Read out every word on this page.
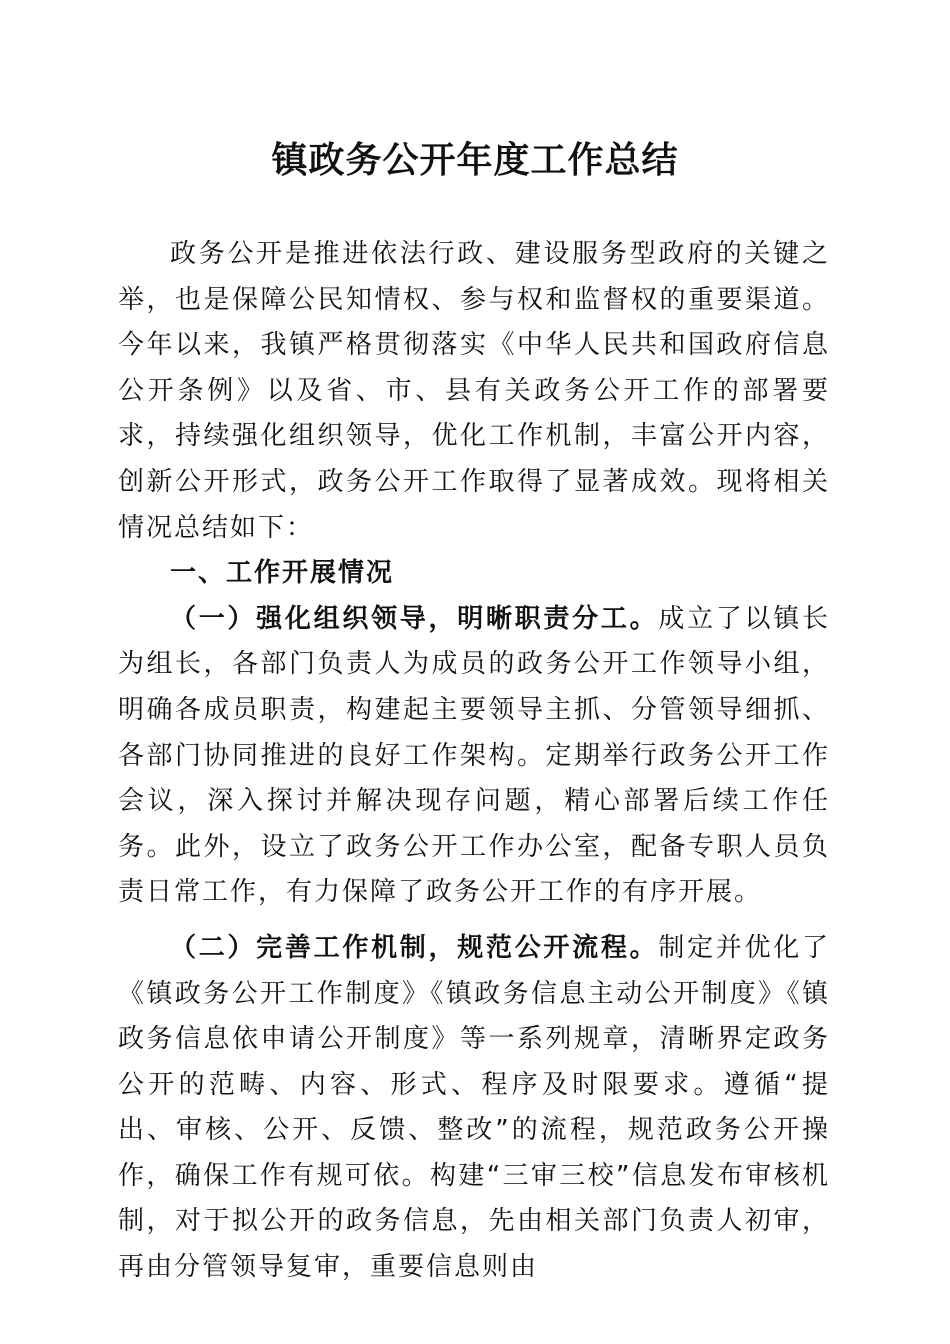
镇政务公开年度工作总结

政务公开是推进依法行政、建设服务型政府的关键之举，也是保障公民知情权、参与权和监督权的重要渠道。今年以来，我镇严格贯彻落实《中华人民共和国政府信息公开条例》以及省、市、县有关政务公开工作的部署要求，持续强化组织领导，优化工作机制，丰富公开内容，创新公开形式，政务公开工作取得了显著成效。现将相关情况总结如下：

一、工作开展情况

（一）强化组织领导，明晰职责分工。成立了以镇长为组长，各部门负责人为成员的政务公开工作领导小组，明确各成员职责，构建起主要领导主抓、分管领导细抓、各部门协同推进的良好工作架构。定期举行政务公开工作会议，深入探讨并解决现存问题，精心部署后续工作任务。此外，设立了政务公开工作办公室，配备专职人员负责日常工作，有力保障了政务公开工作的有序开展。

（二）完善工作机制，规范公开流程。制定并优化了《镇政务公开工作制度》《镇政务信息主动公开制度》《镇政务信息依申请公开制度》等一系列规章，清晰界定政务公开的范畴、内容、形式、程序及时限要求。遵循“提出、审核、公开、反馈、整改”的流程，规范政务公开操作，确保工作有规可依。构建“三审三校”信息发布审核机制，对于拟公开的政务信息，先由相关部门负责人初审，再由分管领导复审，重要信息则由
